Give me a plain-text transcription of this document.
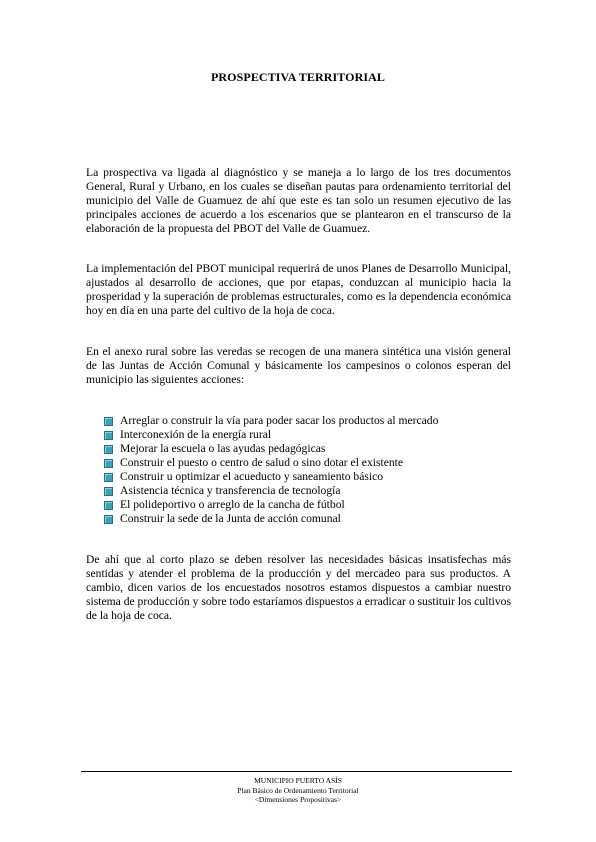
PROSPECTIVA TERRITORIAL

La prospectiva va ligada al diagnóstico y se maneja a lo largo de los tres documentos General, Rural y Urbano, en los cuales se diseñan pautas para ordenamiento territorial del municipio del Valle de Guamuez de ahí que este es tan solo un resumen ejecutivo de las principales acciones de acuerdo a los escenarios que se plantearon en el transcurso de la elaboración de la propuesta del PBOT del Valle de Guamuez.

La implementación del PBOT municipal requerirá de unos Planes de Desarrollo Municipal, ajustados al desarrollo de acciones, que por etapas, conduzcan al municipio hacia la prosperidad y la superación de problemas estructurales, como es la dependencia económica hoy en día en una parte del cultivo de la hoja de coca.

En el anexo rural sobre las veredas se recogen de una manera sintética una visión general de las Juntas de Acción Comunal y básicamente los campesinos o colonos esperan del municipio las siguientes acciones:

Arreglar o construir la vía para poder sacar los productos al mercado
Interconexión de la energía rural
Mejorar la escuela o las ayudas pedagógicas
Construir el puesto o centro de salud o sino dotar el existente
Construir u optimizar el acueducto y saneamiento básico
Asistencia técnica y transferencia de tecnología
El polideportivo o arreglo de la cancha de fútbol
Construir la sede de la Junta de acción comunal

De ahí que al corto plazo se deben resolver las necesidades básicas insatisfechas más sentidas y atender el problema de la producción y del mercadeo para sus productos. A cambio, dicen varios de los encuestados nosotros estamos dispuestos a cambiar nuestro sistema de producción y sobre todo estaríamos dispuestos a erradicar o sustituir los cultivos de la hoja de coca.

MUNICIPIO PUERTO ASÍS
Plan Básico de Ordenamiento Territorial
<Dimensiones Propositivas>
